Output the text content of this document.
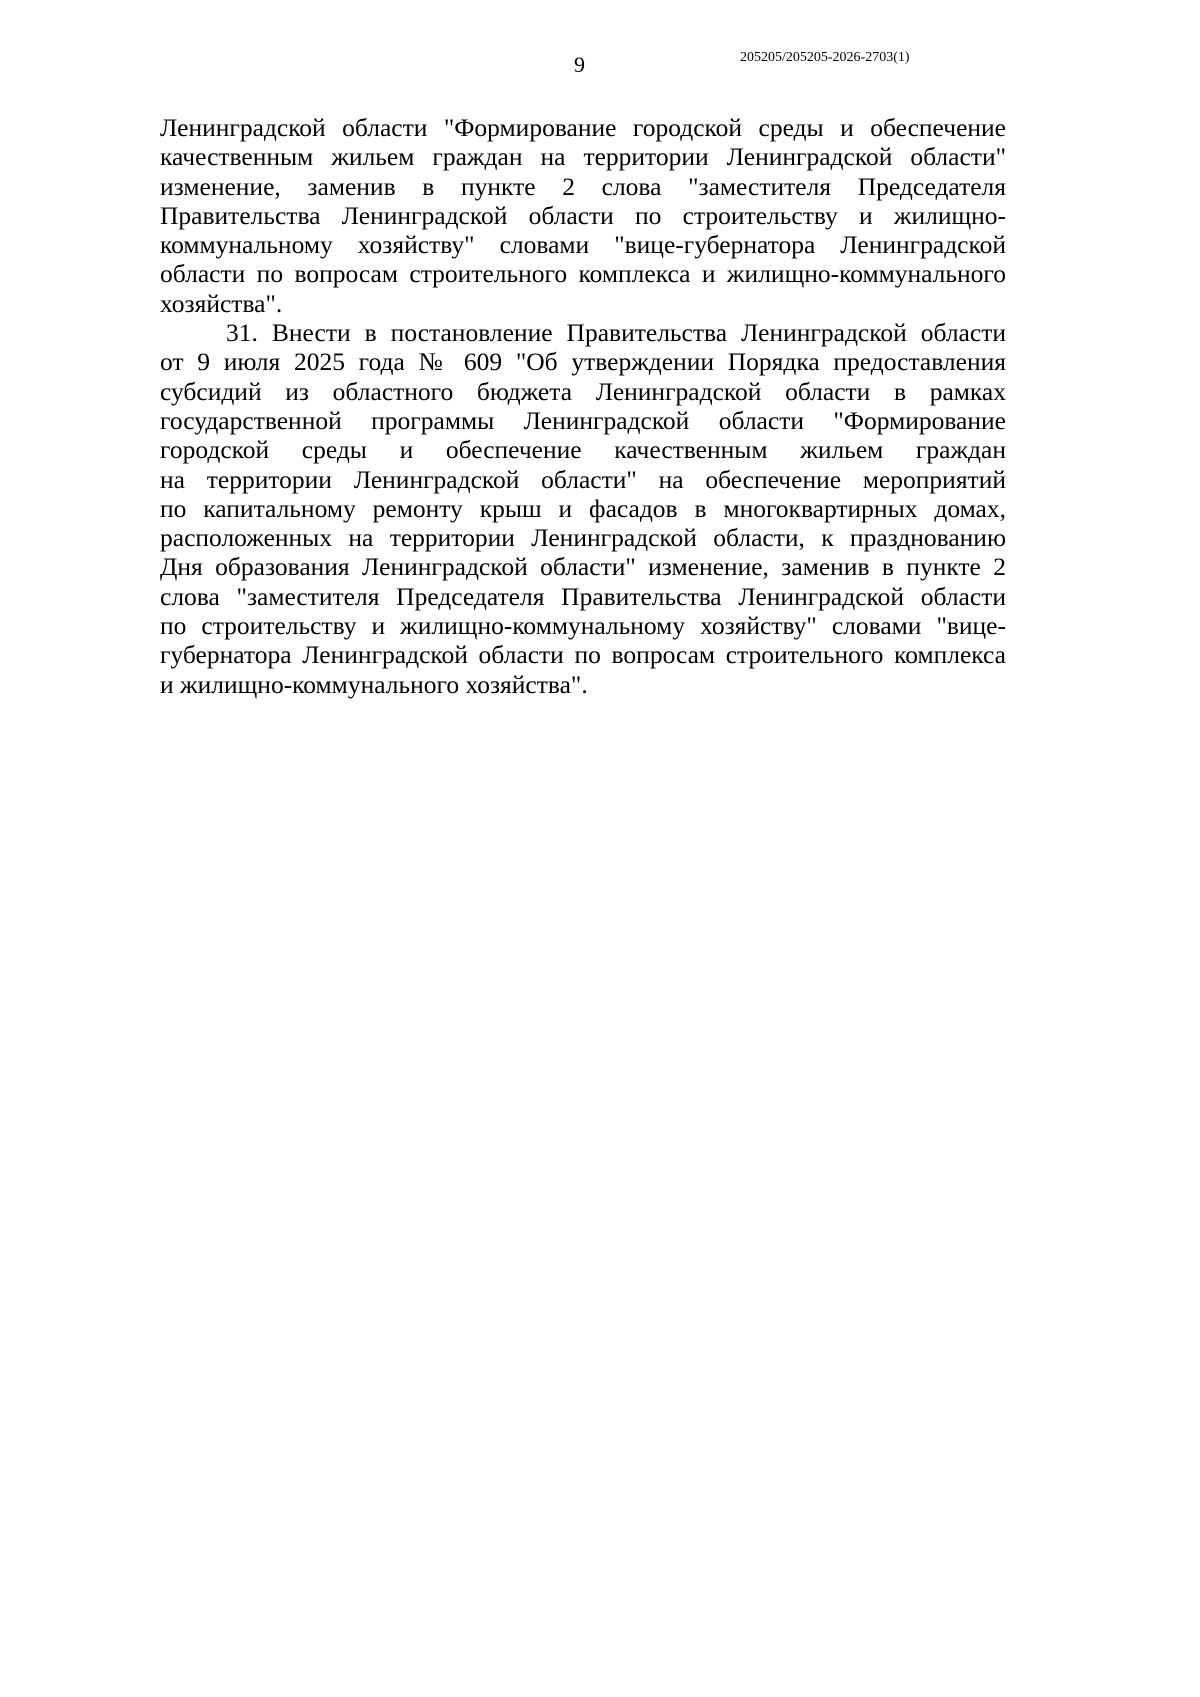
9	205205/205205-2026-2703(1)
Ленинградской области "Формирование городской среды и обеспечение
качественным жильем граждан на территории Ленинградской области"
изменение, заменив в пункте 2 слова "заместителя Председателя
Правительства Ленинградской области по строительству и жилищно-
коммунальному хозяйству" словами "вице-губернатора Ленинградской
области по вопросам строительного комплекса и жилищно-коммунального
хозяйства".
31. Внести в постановление Правительства Ленинградской области
от 9 июля 2025 года № 609 "Об утверждении Порядка предоставления
субсидий из областного бюджета Ленинградской области в рамках
государственной программы Ленинградской области "Формирование
городской среды и обеспечение качественным жильем граждан
на территории Ленинградской области" на обеспечение мероприятий
по капитальному ремонту крыш и фасадов в многоквартирных домах,
расположенных на территории Ленинградской области, к празднованию
Дня образования Ленинградской области" изменение, заменив в пункте 2
слова "заместителя Председателя Правительства Ленинградской области
по строительству и жилищно-коммунальному хозяйству" словами "вице-
губернатора Ленинградской области по вопросам строительного комплекса
и жилищно-коммунального хозяйства".
